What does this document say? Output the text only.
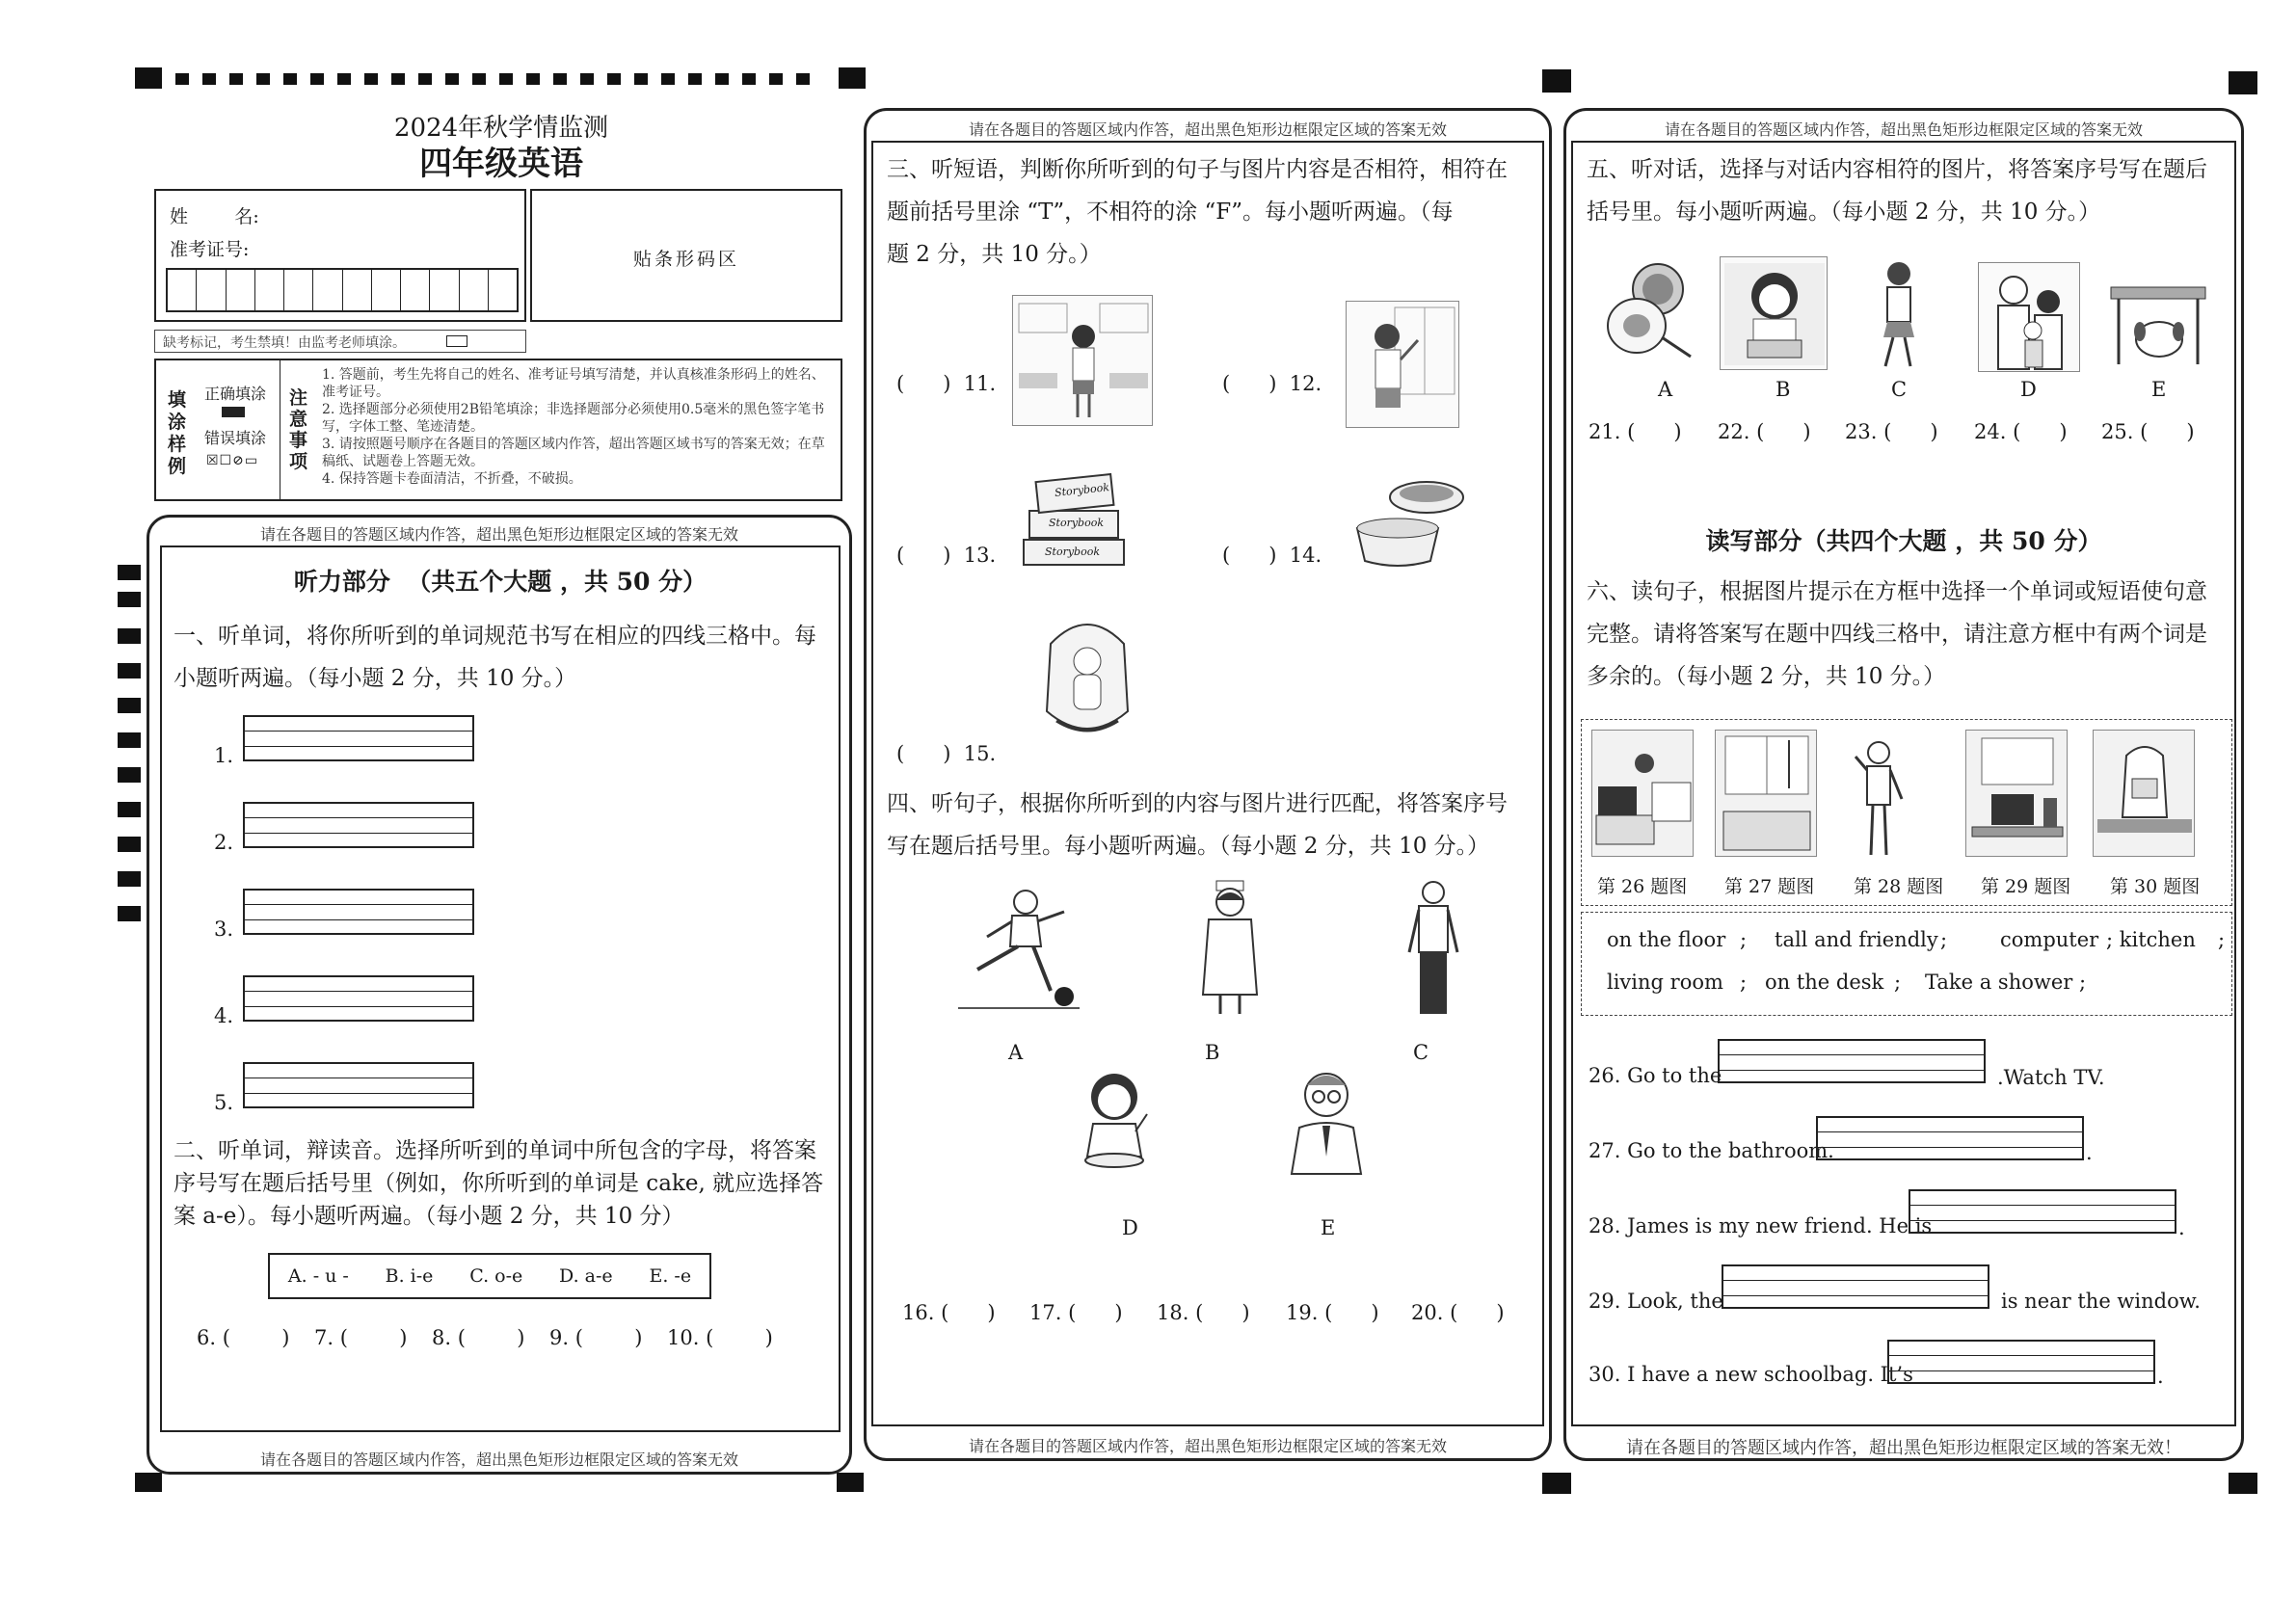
2024年秋学情监测
四年级英语
姓        名:
准考证号:	贴条形码区
缺考标记，考生禁填！由监考老师填涂。
填涂样例
正确填涂
错误填涂
☒☐⊘▭
注意事项
1. 答题前，考生先将自己的姓名、准考证号填写清楚，并认真核准条形码上的姓名、准考证号。
2. 选择题部分必须使用2B铅笔填涂；非选择题部分必须使用0.5毫米的黑色签字笔书写，字体工整、笔迹清楚。
3. 请按照题号顺序在各题目的答题区域内作答，超出答题区域书写的答案无效；在草稿纸、试题卷上答题无效。
4. 保持答题卡卷面清洁，不折叠，不破损。
请在各题目的答题区域内作答，超出黑色矩形边框限定区域的答案无效
请在各题目的答题区域内作答，超出黑色矩形边框限定区域的答案无效
听力部分  （共五个大题 ，共 50 分）
一、听单词，将你所听到的单词规范书写在相应的四线三格中。每
小题听两遍。（每小题 2 分，共 10 分。）
1.
2.
3.
4.
5.
二、听单词，辩读音。选择所听到的单词中所包含的字母，将答案
序号写在题后括号里（例如，你所听到的单词是 cake, 就应选择答
案 a-e）。每小题听两遍。（每小题 2 分，共 10 分）
A. - u - B. i-e C. o-e D. a-e E. -e
6. (        ) 7. (        ) 8. (        ) 9. (        ) 10. (        )
请在各题目的答题区域内作答，超出黑色矩形边框限定区域的答案无效
请在各题目的答题区域内作答，超出黑色矩形边框限定区域的答案无效
三、听短语，判断你所听到的句子与图片内容是否相符，相符在
题前括号里涂 “T”，不相符的涂 “F”。每小题听两遍。（每
题 2 分，共 10 分。）
(      )  11.	(      )  12.
(      )  13.
Storybook
Storybook
Storybook	(      )  14.
(      )  15.
四、听句子，根据你所听到的内容与图片进行匹配，将答案序号
写在题后括号里。每小题听两遍。（每小题 2 分，共 10 分。）
A	B	C
D	E
16. (      ) 17. (      ) 18. (      ) 19. (      ) 20. (      )
请在各题目的答题区域内作答，超出黑色矩形边框限定区域的答案无效
请在各题目的答题区域内作答，超出黑色矩形边框限定区域的答案无效！
五、听对话，选择与对话内容相符的图片，将答案序号写在题后
括号里。每小题听两遍。（每小题 2 分，共 10 分。）
A	B	C	D	E
21. (      ) 22. (      ) 23. (      ) 24. (      ) 25. (      )
读写部分（共四个大题 ，共 50 分）
六、读句子，根据图片提示在方框中选择一个单词或短语使句意
完整。请将答案写在题中四线三格中，请注意方框中有两个词是
多余的。（每小题 2 分，共 10 分。）
第 26 题图 第 27 题图 第 28 题图 第 29 题图 第 30 题图
on the floor ; tall and friendly ;	computer ; kitchen ;
living room ; on the desk ; Take a shower ;
26. Go to the	.Watch TV.
27. Go to the bathroom.	.
28. James is my new friend. He is	.
29. Look, the	is near the window.
30. I have a new schoolbag. It’s	.
